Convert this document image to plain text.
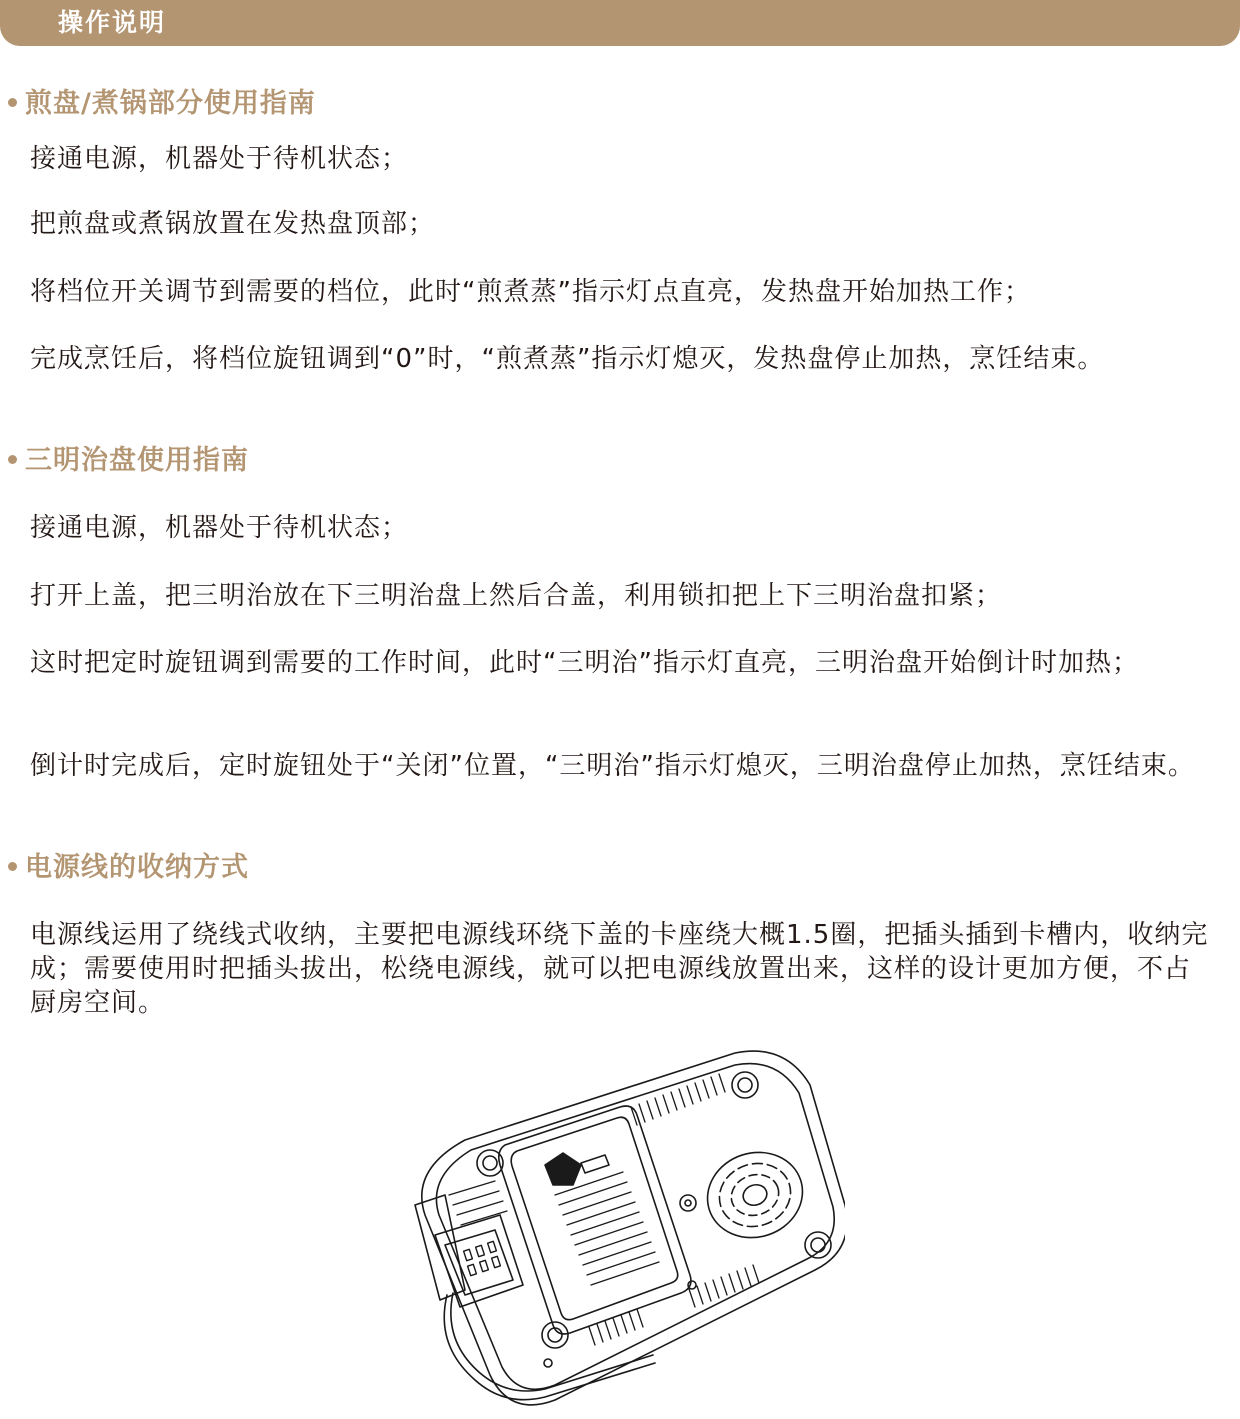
操作说明
煎盘/煮锅部分使用指南

接通电源，机器处于待机状态；

把煎盘或煮锅放置在发热盘顶部；

将档位开关调节到需要的档位，此时“煎煮蒸”指示灯点直亮，发热盘开始加热工作；

完成烹饪后，将档位旋钮调到“0”时，“煎煮蒸”指示灯熄灭，发热盘停止加热，烹饪结束。

三明治盘使用指南

接通电源，机器处于待机状态；

打开上盖，把三明治放在下三明治盘上然后合盖，利用锁扣把上下三明治盘扣紧；

这时把定时旋钮调到需要的工作时间，此时“三明治”指示灯直亮，三明治盘开始倒计时加热；

倒计时完成后，定时旋钮处于“关闭”位置，“三明治”指示灯熄灭，三明治盘停止加热，烹饪结束。

电源线的收纳方式

电源线运用了绕线式收纳，主要把电源线环绕下盖的卡座绕大概1.5圈，把插头插到卡槽内，收纳完成；需要使用时把插头拔出，松绕电源线，就可以把电源线放置出来，这样的设计更加方便，不占厨房空间。
